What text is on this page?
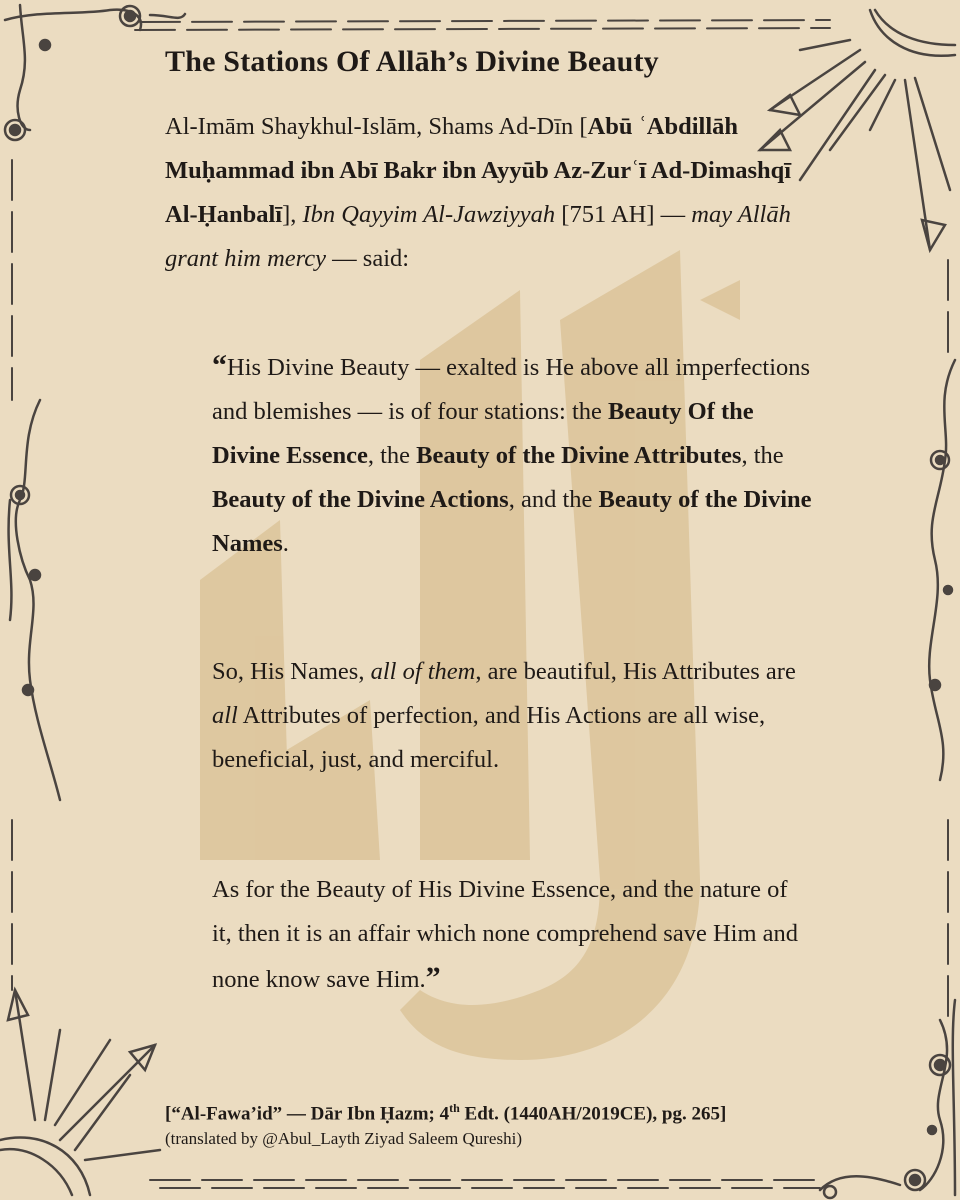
The Stations Of Allāh’s Divine Beauty
Al-Imām Shaykhul-Islām, Shams Ad-Dīn [Abū ʿAbdillāh Muḥammad ibn Abī Bakr ibn Ayyūb Az-Zurʿī Ad-Dimashqī Al-Ḥanbalī], Ibn Qayyim Al-Jawziyyah [751 AH] — may Allāh grant him mercy — said:
“His Divine Beauty — exalted is He above all imperfections and blemishes — is of four stations: the Beauty Of the Divine Essence, the Beauty of the Divine Attributes, the Beauty of the Divine Actions, and the Beauty of the Divine Names.
So, His Names, all of them, are beautiful, His Attributes are all Attributes of perfection, and His Actions are all wise, beneficial, just, and merciful.
As for the Beauty of His Divine Essence, and the nature of it, then it is an affair which none comprehend save Him and none know save Him.”
[“Al-Fawa’id” — Dār Ibn Ḥazm; 4th Edt. (1440AH/2019CE), pg. 265]
(translated by @Abul_Layth Ziyad Saleem Qureshi)
